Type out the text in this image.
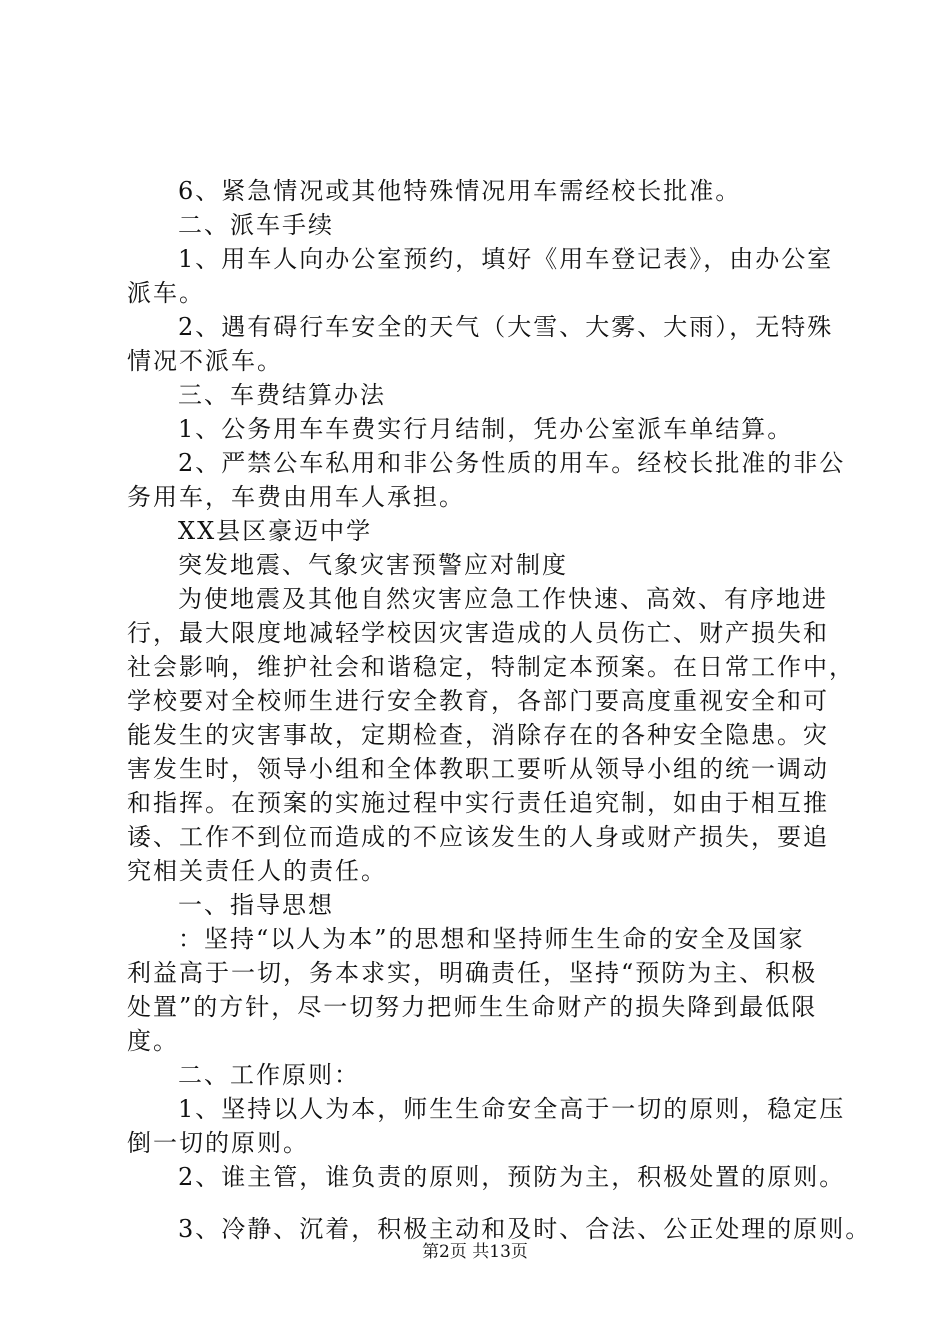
6、紧急情况或其他特殊情况用车需经校长批准。
二、派车手续
1、用车人向办公室预约，填好《用车登记表》，由办公室
派车。
2、遇有碍行车安全的天气（大雪、大雾、大雨），无特殊
情况不派车。
三、车费结算办法
1、公务用车车费实行月结制，凭办公室派车单结算。
2、严禁公车私用和非公务性质的用车。经校长批准的非公
务用车，车费由用车人承担。
XX县区豪迈中学
突发地震、气象灾害预警应对制度
为使地震及其他自然灾害应急工作快速、高效、有序地进
行，最大限度地减轻学校因灾害造成的人员伤亡、财产损失和
社会影响，维护社会和谐稳定，特制定本预案。在日常工作中，
学校要对全校师生进行安全教育，各部门要高度重视安全和可
能发生的灾害事故，定期检查，消除存在的各种安全隐患。灾
害发生时，领导小组和全体教职工要听从领导小组的统一调动
和指挥。在预案的实施过程中实行责任追究制，如由于相互推
诿、工作不到位而造成的不应该发生的人身或财产损失，要追
究相关责任人的责任。
一、指导思想
：坚持“以人为本”的思想和坚持师生生命的安全及国家
利益高于一切，务本求实，明确责任，坚持“预防为主、积极
处置”的方针，尽一切努力把师生生命财产的损失降到最低限
度。
二、工作原则：
1、坚持以人为本，师生生命安全高于一切的原则，稳定压
倒一切的原则。
2、谁主管，谁负责的原则，预防为主，积极处置的原则。
3、冷静、沉着，积极主动和及时、合法、公正处理的原则。
第2页 共13页
